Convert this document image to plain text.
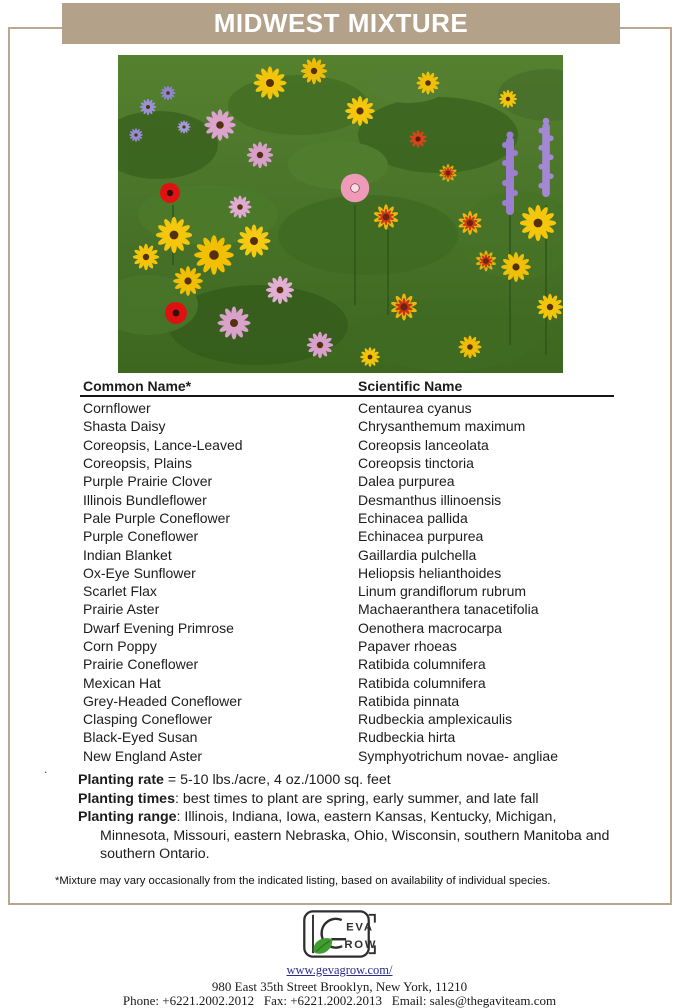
MIDWEST MIXTURE
Common Name*	Scientific Name
Cornflower	Centaurea cyanus
Shasta Daisy	Chrysanthemum maximum
Coreopsis, Lance-Leaved	Coreopsis lanceolata
Coreopsis, Plains	Coreopsis tinctoria
Purple Prairie Clover	Dalea purpurea
Illinois Bundleflower	Desmanthus illinoensis
Pale Purple Coneflower	Echinacea pallida
Purple Coneflower	Echinacea purpurea
Indian Blanket	Gaillardia pulchella
Ox-Eye Sunflower	Heliopsis helianthoides
Scarlet Flax	Linum grandiflorum rubrum
Prairie Aster	Machaeranthera tanacetifolia
Dwarf Evening Primrose	Oenothera macrocarpa
Corn Poppy	Papaver rhoeas
Prairie Coneflower	Ratibida columnifera
Mexican Hat	Ratibida columnifera
Grey-Headed Coneflower	Ratibida pinnata
Clasping Coneflower	Rudbeckia amplexicaulis
Black-Eyed Susan	Rudbeckia hirta
New England Aster	Symphyotrichum novae- angliae
.

Planting rate = 5-10 lbs./acre, 4 oz./1000 sq. feet

Planting times: best times to plant are spring, early summer, and late fall

Planting range: Illinois, Indiana, Iowa, eastern Kansas, Kentucky, Michigan, Minnesota, Missouri, eastern Nebraska, Ohio, Wisconsin, southern Manitoba and southern Ontario.

*Mixture may vary occasionally from the indicated listing, based on availability of individual species.
EVA
ROW
www.gevagrow.com/

980 East 35th Street Brooklyn, New York, 11210

Phone: +6221.2002.2012   Fax: +6221.2002.2013   Email: sales@thegaviteam.com
